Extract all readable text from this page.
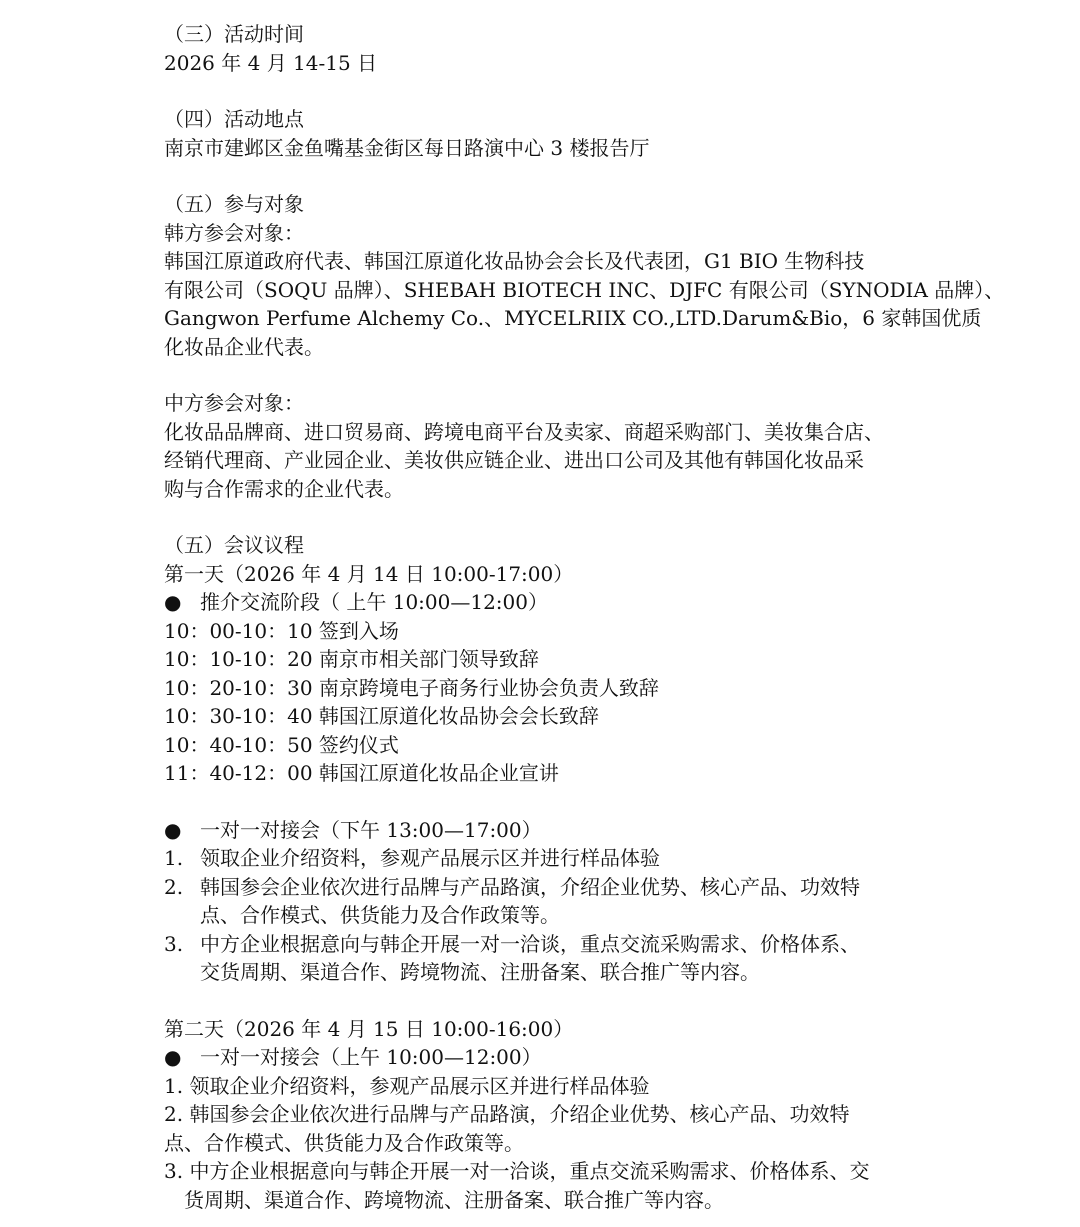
（三）活动时间
2026 年 4 月 14-15 日
（四）活动地点
南京市建邺区金鱼嘴基金街区每日路演中心 3 楼报告厅
（五）参与对象
韩方参会对象：
韩国江原道政府代表、韩国江原道化妆品协会会长及代表团，G1 BIO 生物科技
有限公司（SOQU 品牌）、SHEBAH BIOTECH INC、DJFC 有限公司（SYNODIA 品牌）、
Gangwon Perfume Alchemy Co.、MYCELRIIX CO.,LTD.Darum&Bio，6 家韩国优质
化妆品企业代表。
中方参会对象：
化妆品品牌商、进口贸易商、跨境电商平台及卖家、商超采购部门、美妆集合店、
经销代理商、产业园企业、美妆供应链企业、进出口公司及其他有韩国化妆品采
购与合作需求的企业代表。
（五）会议议程
第一天（2026 年 4 月 14 日 10:00-17:00）
● 推介交流阶段（ 上午 10:00—12:00）
10：00-10：10 签到入场
10：10-10：20 南京市相关部门领导致辞
10：20-10：30 南京跨境电子商务行业协会负责人致辞
10：30-10：40 韩国江原道化妆品协会会长致辞
10：40-10：50 签约仪式
11：40-12：00 韩国江原道化妆品企业宣讲
● 一对一对接会（下午 13:00—17:00）
1. 领取企业介绍资料，参观产品展示区并进行样品体验
2. 韩国参会企业依次进行品牌与产品路演，介绍企业优势、核心产品、功效特
点、合作模式、供货能力及合作政策等。
3. 中方企业根据意向与韩企开展一对一洽谈，重点交流采购需求、价格体系、
交货周期、渠道合作、跨境物流、注册备案、联合推广等内容。
第二天（2026 年 4 月 15 日 10:00-16:00）
● 一对一对接会（上午 10:00—12:00）
1. 领取企业介绍资料，参观产品展示区并进行样品体验
2. 韩国参会企业依次进行品牌与产品路演，介绍企业优势、核心产品、功效特
点、合作模式、供货能力及合作政策等。
3. 中方企业根据意向与韩企开展一对一洽谈，重点交流采购需求、价格体系、交
货周期、渠道合作、跨境物流、注册备案、联合推广等内容。
